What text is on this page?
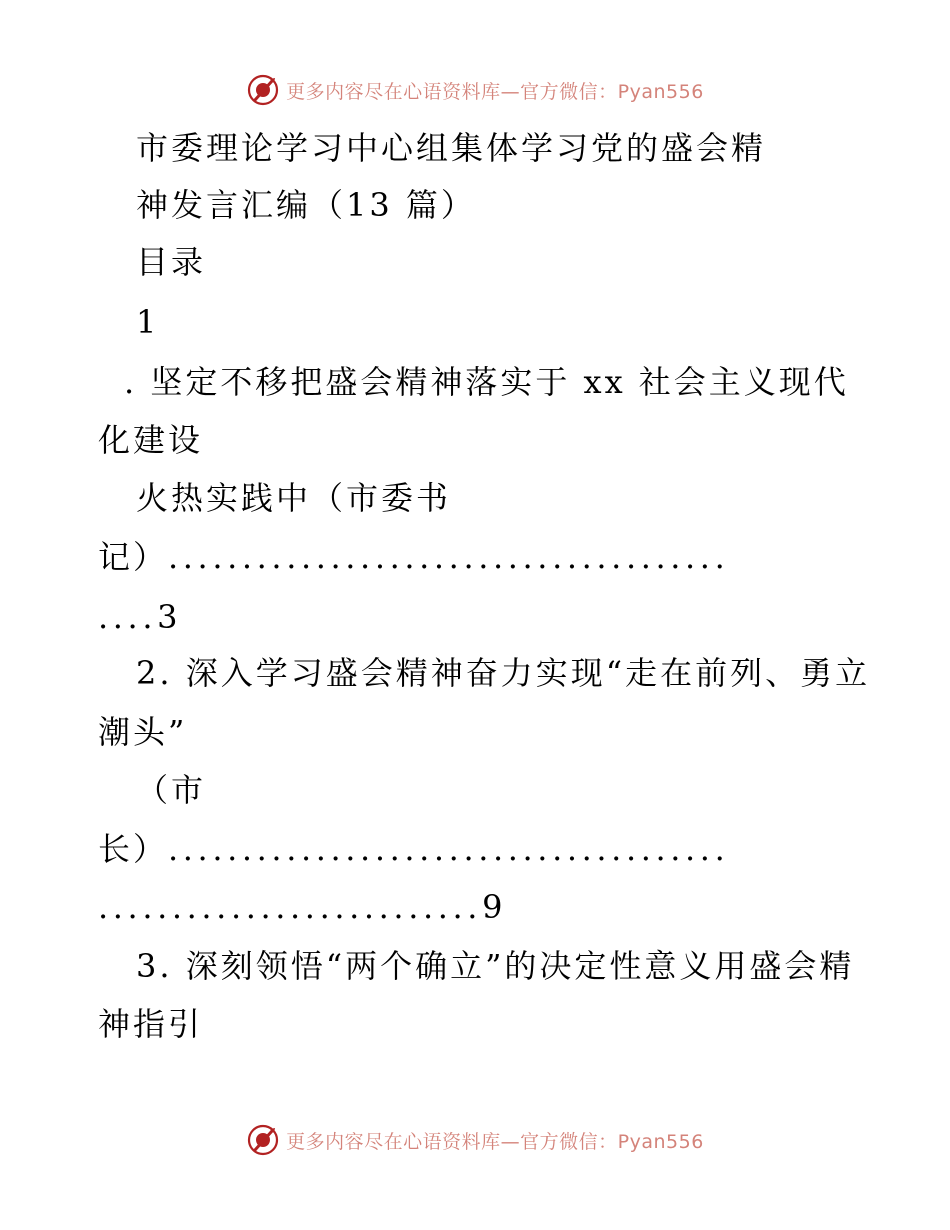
更多内容尽在心语资料库—官方微信：Pyan556
市委理论学习中心组集体学习党的盛会精
神发言汇编（13 篇）
目录
1
. 坚定不移把盛会精神落实于 xx 社会主义现代
化建设
火热实践中（市委书
记）......................................
....3
2. 深入学习盛会精神奋力实现“走在前列、勇立
潮头”
（市
长）......................................
..........................9
3. 深刻领悟“两个确立”的决定性意义用盛会精
神指引
更多内容尽在心语资料库—官方微信：Pyan556
